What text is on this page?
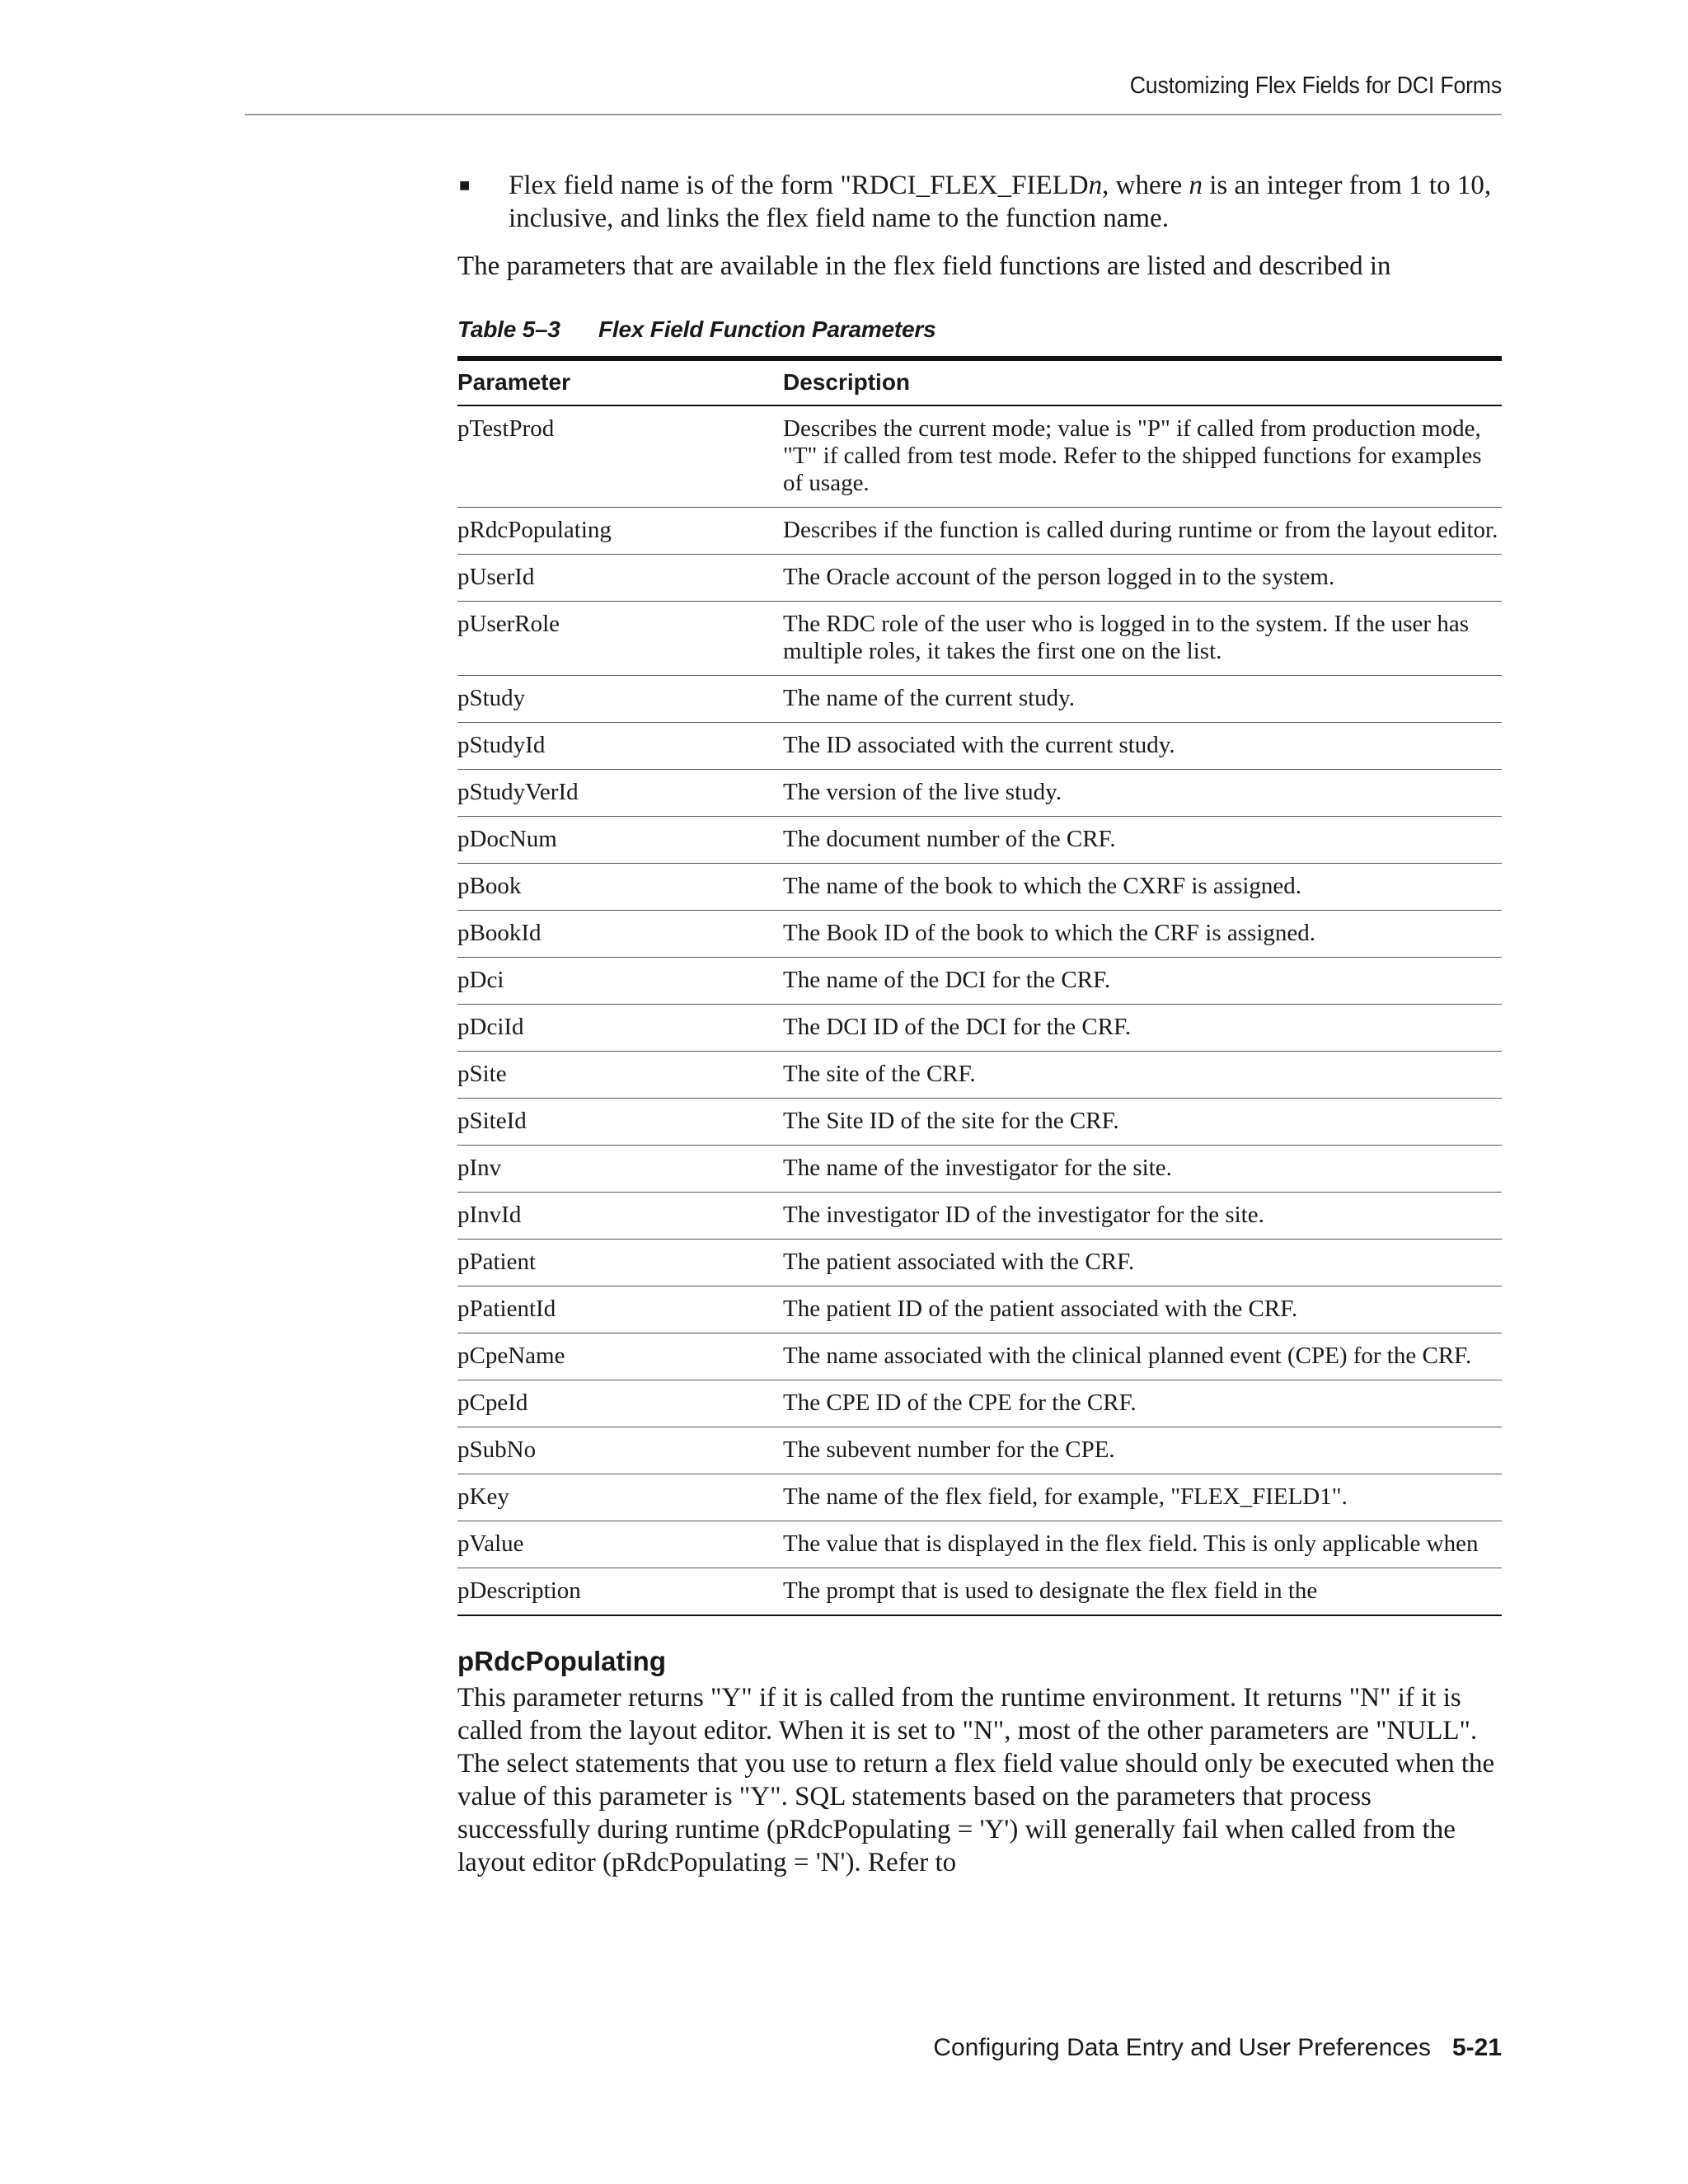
Customizing Flex Fields for DCI Forms
■	Flex field name is of the form "RDCI_FLEX_FIELDn, where n is an integer from 1 to 10, inclusive, and links the flex field name to the function name.
The parameters that are available in the flex field functions are listed and described in
Table 5–3 Flex Field Function Parameters
Parameter	Description
pTestProd	Describes the current mode; value is "P" if called from production mode, "T" if called from test mode. Refer to the shipped functions for examples of usage.
pRdcPopulating	Describes if the function is called during runtime or from the layout editor.
pUserId	The Oracle account of the person logged in to the system.
pUserRole	The RDC role of the user who is logged in to the system. If the user has multiple roles, it takes the first one on the list.
pStudy	The name of the current study.
pStudyId	The ID associated with the current study.
pStudyVerId	The version of the live study.
pDocNum	The document number of the CRF.
pBook	The name of the book to which the CXRF is assigned.
pBookId	The Book ID of the book to which the CRF is assigned.
pDci	The name of the DCI for the CRF.
pDciId	The DCI ID of the DCI for the CRF.
pSite	The site of the CRF.
pSiteId	The Site ID of the site for the CRF.
pInv	The name of the investigator for the site.
pInvId	The investigator ID of the investigator for the site.
pPatient	The patient associated with the CRF.
pPatientId	The patient ID of the patient associated with the CRF.
pCpeName	The name associated with the clinical planned event (CPE) for the CRF.
pCpeId	The CPE ID of the CPE for the CRF.
pSubNo	The subevent number for the CPE.
pKey	The name of the flex field, for example, "FLEX_FIELD1".
pValue	The value that is displayed in the flex field. This is only applicable when
pDescription	The prompt that is used to designate the flex field in the
pRdcPopulating
This parameter returns "Y" if it is called from the runtime environment. It returns "N" if it is called from the layout editor. When it is set to "N", most of the other parameters are "NULL". The select statements that you use to return a flex field value should only be executed when the value of this parameter is "Y". SQL statements based on the parameters that process successfully during runtime (pRdcPopulating = 'Y') will generally fail when called from the layout editor (pRdcPopulating = 'N'). Refer to
Configuring Data Entry and User Preferences 5-21
